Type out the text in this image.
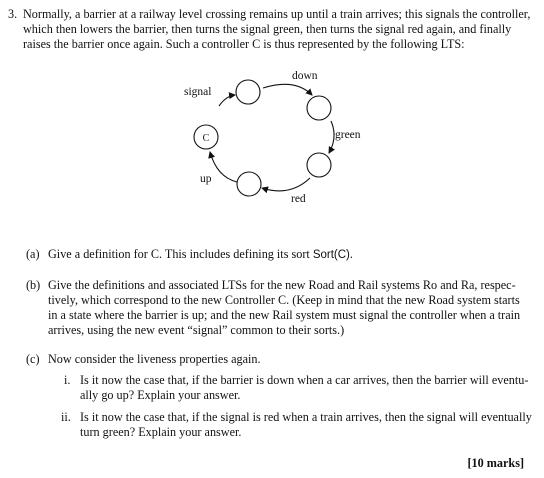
3. Normally, a barrier at a railway level crossing remains up until a train arrives; this signals the controller,
which then lowers the barrier, then turns the signal green, then turns the signal red again, and finally
raises the barrier once again. Such a controller C is thus represented by the following LTS:
C
signal
down
green
red
up
(a) Give a definition for C. This includes defining its sort Sort(C).
(b) Give the definitions and associated LTSs for the new Road and Rail systems Ro and Ra, respec-
tively, which correspond to the new Controller C. (Keep in mind that the new Road system starts
in a state where the barrier is up; and the new Rail system must signal the controller when a train
arrives, using the new event “signal” common to their sorts.)
(c) Now consider the liveness properties again.
i. Is it now the case that, if the barrier is down when a car arrives, then the barrier will eventu-
ally go up? Explain your answer.
ii. Is it now the case that, if the signal is red when a train arrives, then the signal will eventually
turn green? Explain your answer.
[10 marks]
